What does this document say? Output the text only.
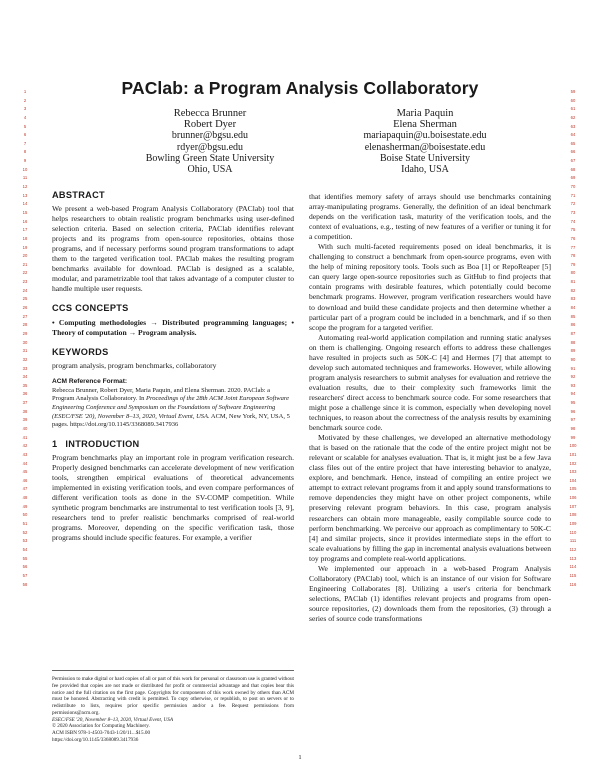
1
2
3
4
5
6
7
8
9
10
11
12
13
14
15
16
17
18
19
20
21
22
23
24
25
26
27
28
29
30
31
32
33
34
35
36
37
38
39
40
41
42
43
44
45
46
47
48
49
50
51
52
53
54
55
56
57
58
59
60
61
62
63
64
65
66
67
68
69
70
71
72
73
74
75
76
77
78
79
80
81
82
83
84
85
86
87
88
89
90
91
92
93
94
95
96
97
98
99
100
101
102
103
104
105
106
107
108
109
110
111
112
113
114
115
116
PAClab: a Program Analysis Collaboratory
Rebecca Brunner
Robert Dyer
brunner@bgsu.edu
rdyer@bgsu.edu
Bowling Green State University
Ohio, USA
Maria Paquin
Elena Sherman
mariapaquin@u.boisestate.edu
elenasherman@boisestate.edu
Boise State University
Idaho, USA
ABSTRACT

We present a web-based Program Analysis Collaboratory (PAClab) tool that helps researchers to obtain realistic program benchmarks using user-defined selection criteria. Based on selection criteria, PAClab identifies relevant projects and its programs from open-source repositories, obtains those programs, and if necessary performs sound program transformations to adapt them to the targeted verification tool. PAClab makes the resulting program benchmarks available for download. PAClab is designed as a scalable, modular, and parametrizable tool that takes advantage of a computer cluster to handle multiple user requests.

CCS CONCEPTS

• Computing methodologies → Distributed programming languages; • Theory of computation → Program analysis.

KEYWORDS

program analysis, program benchmarks, collaboratory

ACM Reference Format:

Rebecca Brunner, Robert Dyer, Maria Paquin, and Elena Sherman. 2020. PAClab: a Program Analysis Collaboratory. In Proceedings of the 28th ACM Joint European Software Engineering Conference and Symposium on the Foundations of Software Engineering (ESEC/FSE '20), November 8–13, 2020, Virtual Event, USA. ACM, New York, NY, USA, 5 pages. https://doi.org/10.1145/3368089.3417936

1 INTRODUCTION

Program benchmarks play an important role in program verification research. Properly designed benchmarks can accelerate development of new verification tools, strengthen empirical evaluations of theoretical advancements implemented in existing verification tools, and even compare performances of different verification tools as done in the SV-COMP competition. While synthetic program benchmarks are instrumental to test verification tools [3, 9], researchers tend to prefer realistic benchmarks comprised of real-world programs. Moreover, depending on the specific verification task, those programs should include specific features. For example, a verifier

that identifies memory safety of arrays should use benchmarks containing array-manipulating programs. Generally, the definition of an ideal benchmark depends on the verification task, maturity of the verification tools, and the context of evaluations, e.g., testing of new features of a verifier or tuning it for a competition.

With such multi-faceted requirements posed on ideal benchmarks, it is challenging to construct a benchmark from open-source programs, even with the help of mining repository tools. Tools such as Boa [1] or RepoReaper [5] can query large open-source repositories such as GitHub to find projects that contain programs with desirable features, which potentially could become benchmark programs. However, program verification researchers would have to download and build these candidate projects and then determine whether a particular part of a program could be included in a benchmark, and if so then scope the program for a targeted verifier.

Automating real-world application compilation and running static analyses on them is challenging. Ongoing research efforts to address these challenges have resulted in projects such as 50K-C [4] and Hermes [7] that attempt to develop such automated techniques and frameworks. However, while allowing program analysis researchers to submit analyses for evaluation and retrieve the evaluation results, due to their complexity such frameworks limit the researchers' direct access to benchmark source code. For some researchers that might pose a challenge since it is common, especially when developing novel techniques, to reason about the correctness of the analysis results by examining benchmark source code.

Motivated by these challenges, we developed an alternative methodology that is based on the rationale that the code of the entire project might not be relevant or scalable for analyses evaluation. That is, it might just be a few Java class files out of the entire project that have interesting behavior to analyze, explore, and benchmark. Hence, instead of compiling an entire project we attempt to extract relevant programs from it and apply sound transformations to remove dependencies they might have on other project components, while preserving relevant program behaviors. In this case, program analysis researchers can obtain more manageable, easily compilable source code to perform benchmarking. We perceive our approach as complimentary to 50K-C [4] and similar projects, since it provides intermediate steps in the effort to scale evaluations by filling the gap in incremental analysis evaluations between toy programs and complete real-world applications.

We implemented our approach in a web-based Program Analysis Collaboratory (PAClab) tool, which is an instance of our vision for Software Engineering Collaborates [8]. Utilizing a user's criteria for benchmark selections, PAClab (1) identifies relevant projects and programs from open-source repositories, (2) downloads them from the repositories, (3) through a series of source code transformations

Permission to make digital or hard copies of all or part of this work for personal or classroom use is granted without fee provided that copies are not made or distributed for profit or commercial advantage and that copies bear this notice and the full citation on the first page. Copyrights for components of this work owned by others than ACM must be honored. Abstracting with credit is permitted. To copy otherwise, or republish, to post on servers or to redistribute to lists, requires prior specific permission and/or a fee. Request permissions from permissions@acm.org.
ESEC/FSE '20, November 8–13, 2020, Virtual Event, USA
© 2020 Association for Computing Machinery.
ACM ISBN 978-1-4503-7043-1/20/11...$15.00
https://doi.org/10.1145/3368089.3417936
1
